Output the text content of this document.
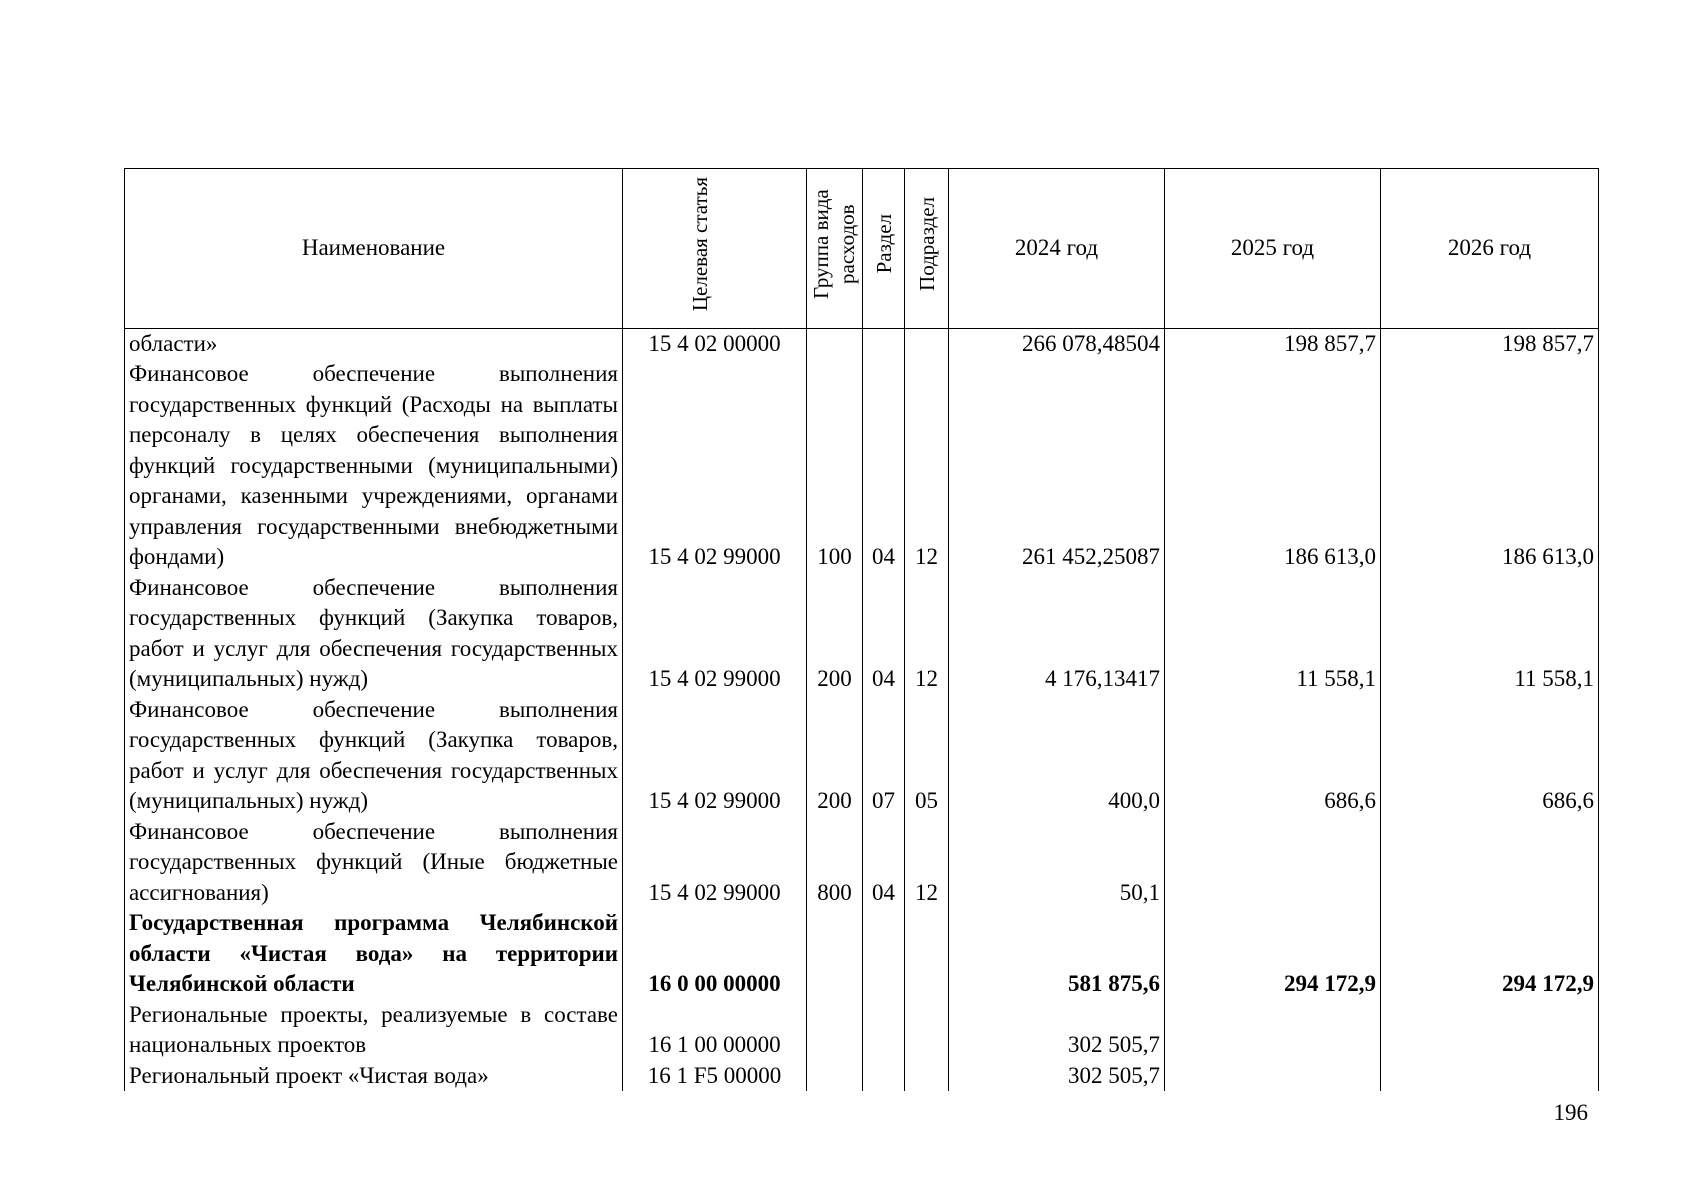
Наименование	Целевая статья	Группа вида расходов	Раздел	Подраздел	2024 год	2025 год	2026 год
области»	15 4 02 00000				266 078,48504	198 857,7	198 857,7
Финансовое обеспечение выполнения государственных функций (Расходы на выплаты персоналу в целях обеспечения выполнения функций государственными (муниципальными) органами, казенными учреждениями, органами управления государственными внебюджетными фондами)	15 4 02 99000	100	04	12	261 452,25087	186 613,0	186 613,0
Финансовое обеспечение выполнения государственных функций (Закупка товаров, работ и услуг для обеспечения государственных (муниципальных) нужд)	15 4 02 99000	200	04	12	4 176,13417	11 558,1	11 558,1
Финансовое обеспечение выполнения государственных функций (Закупка товаров, работ и услуг для обеспечения государственных (муниципальных) нужд)	15 4 02 99000	200	07	05	400,0	686,6	686,6
Финансовое обеспечение выполнения государственных функций (Иные бюджетные ассигнования)	15 4 02 99000	800	04	12	50,1		
Государственная программа Челябинской области «Чистая вода» на территории Челябинской области	16 0 00 00000				581 875,6	294 172,9	294 172,9
Региональные проекты, реализуемые в составе национальных проектов	16 1 00 00000				302 505,7		
Региональный проект «Чистая вода»	16 1 F5 00000				302 505,7		
196
